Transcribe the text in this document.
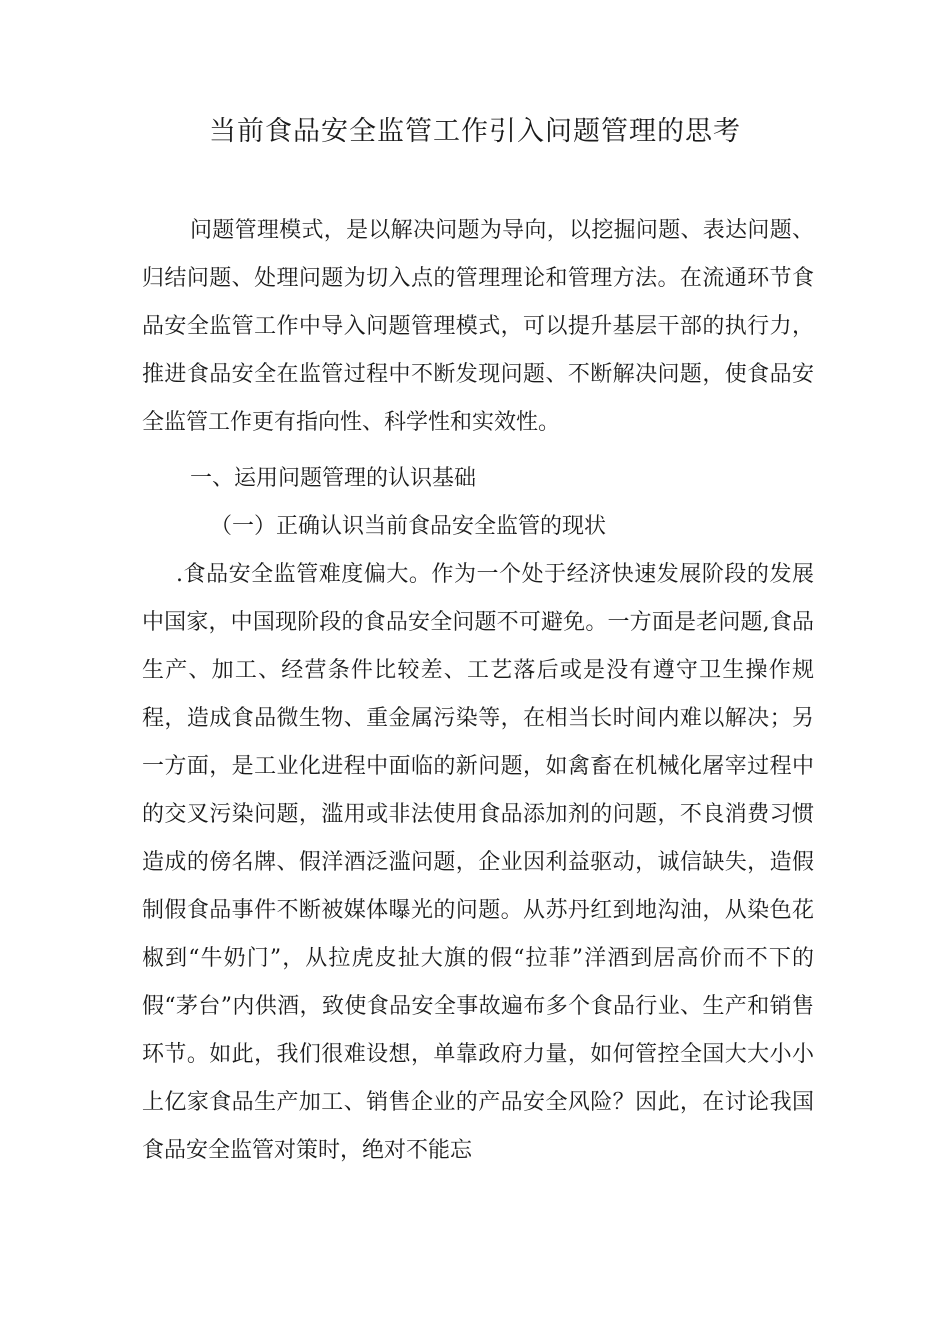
当前食品安全监管工作引入问题管理的思考

问题管理模式，是以解决问题为导向，以挖掘问题、表达问题、归结问题、处理问题为切入点的管理理论和管理方法。在流通环节食品安全监管工作中导入问题管理模式，可以提升基层干部的执行力，推进食品安全在监管过程中不断发现问题、不断解决问题，使食品安全监管工作更有指向性、科学性和实效性。

一、运用问题管理的认识基础

（一）正确认识当前食品安全监管的现状

.食品安全监管难度偏大。作为一个处于经济快速发展阶段的发展中国家，中国现阶段的食品安全问题不可避免。一方面是老问题,食品生产、加工、经营条件比较差、工艺落后或是没有遵守卫生操作规程，造成食品微生物、重金属污染等，在相当长时间内难以解决；另一方面，是工业化进程中面临的新问题，如禽畜在机械化屠宰过程中的交叉污染问题，滥用或非法使用食品添加剂的问题，不良消费习惯造成的傍名牌、假洋酒泛滥问题，企业因利益驱动，诚信缺失，造假制假食品事件不断被媒体曝光的问题。从苏丹红到地沟油，从染色花椒到“牛奶门”，从拉虎皮扯大旗的假“拉菲”洋酒到居高价而不下的假“茅台”内供酒，致使食品安全事故遍布多个食品行业、生产和销售环节。如此，我们很难设想，单靠政府力量，如何管控全国大大小小上亿家食品生产加工、销售企业的产品安全风险？因此，在讨论我国食品安全监管对策时，绝对不能忘
